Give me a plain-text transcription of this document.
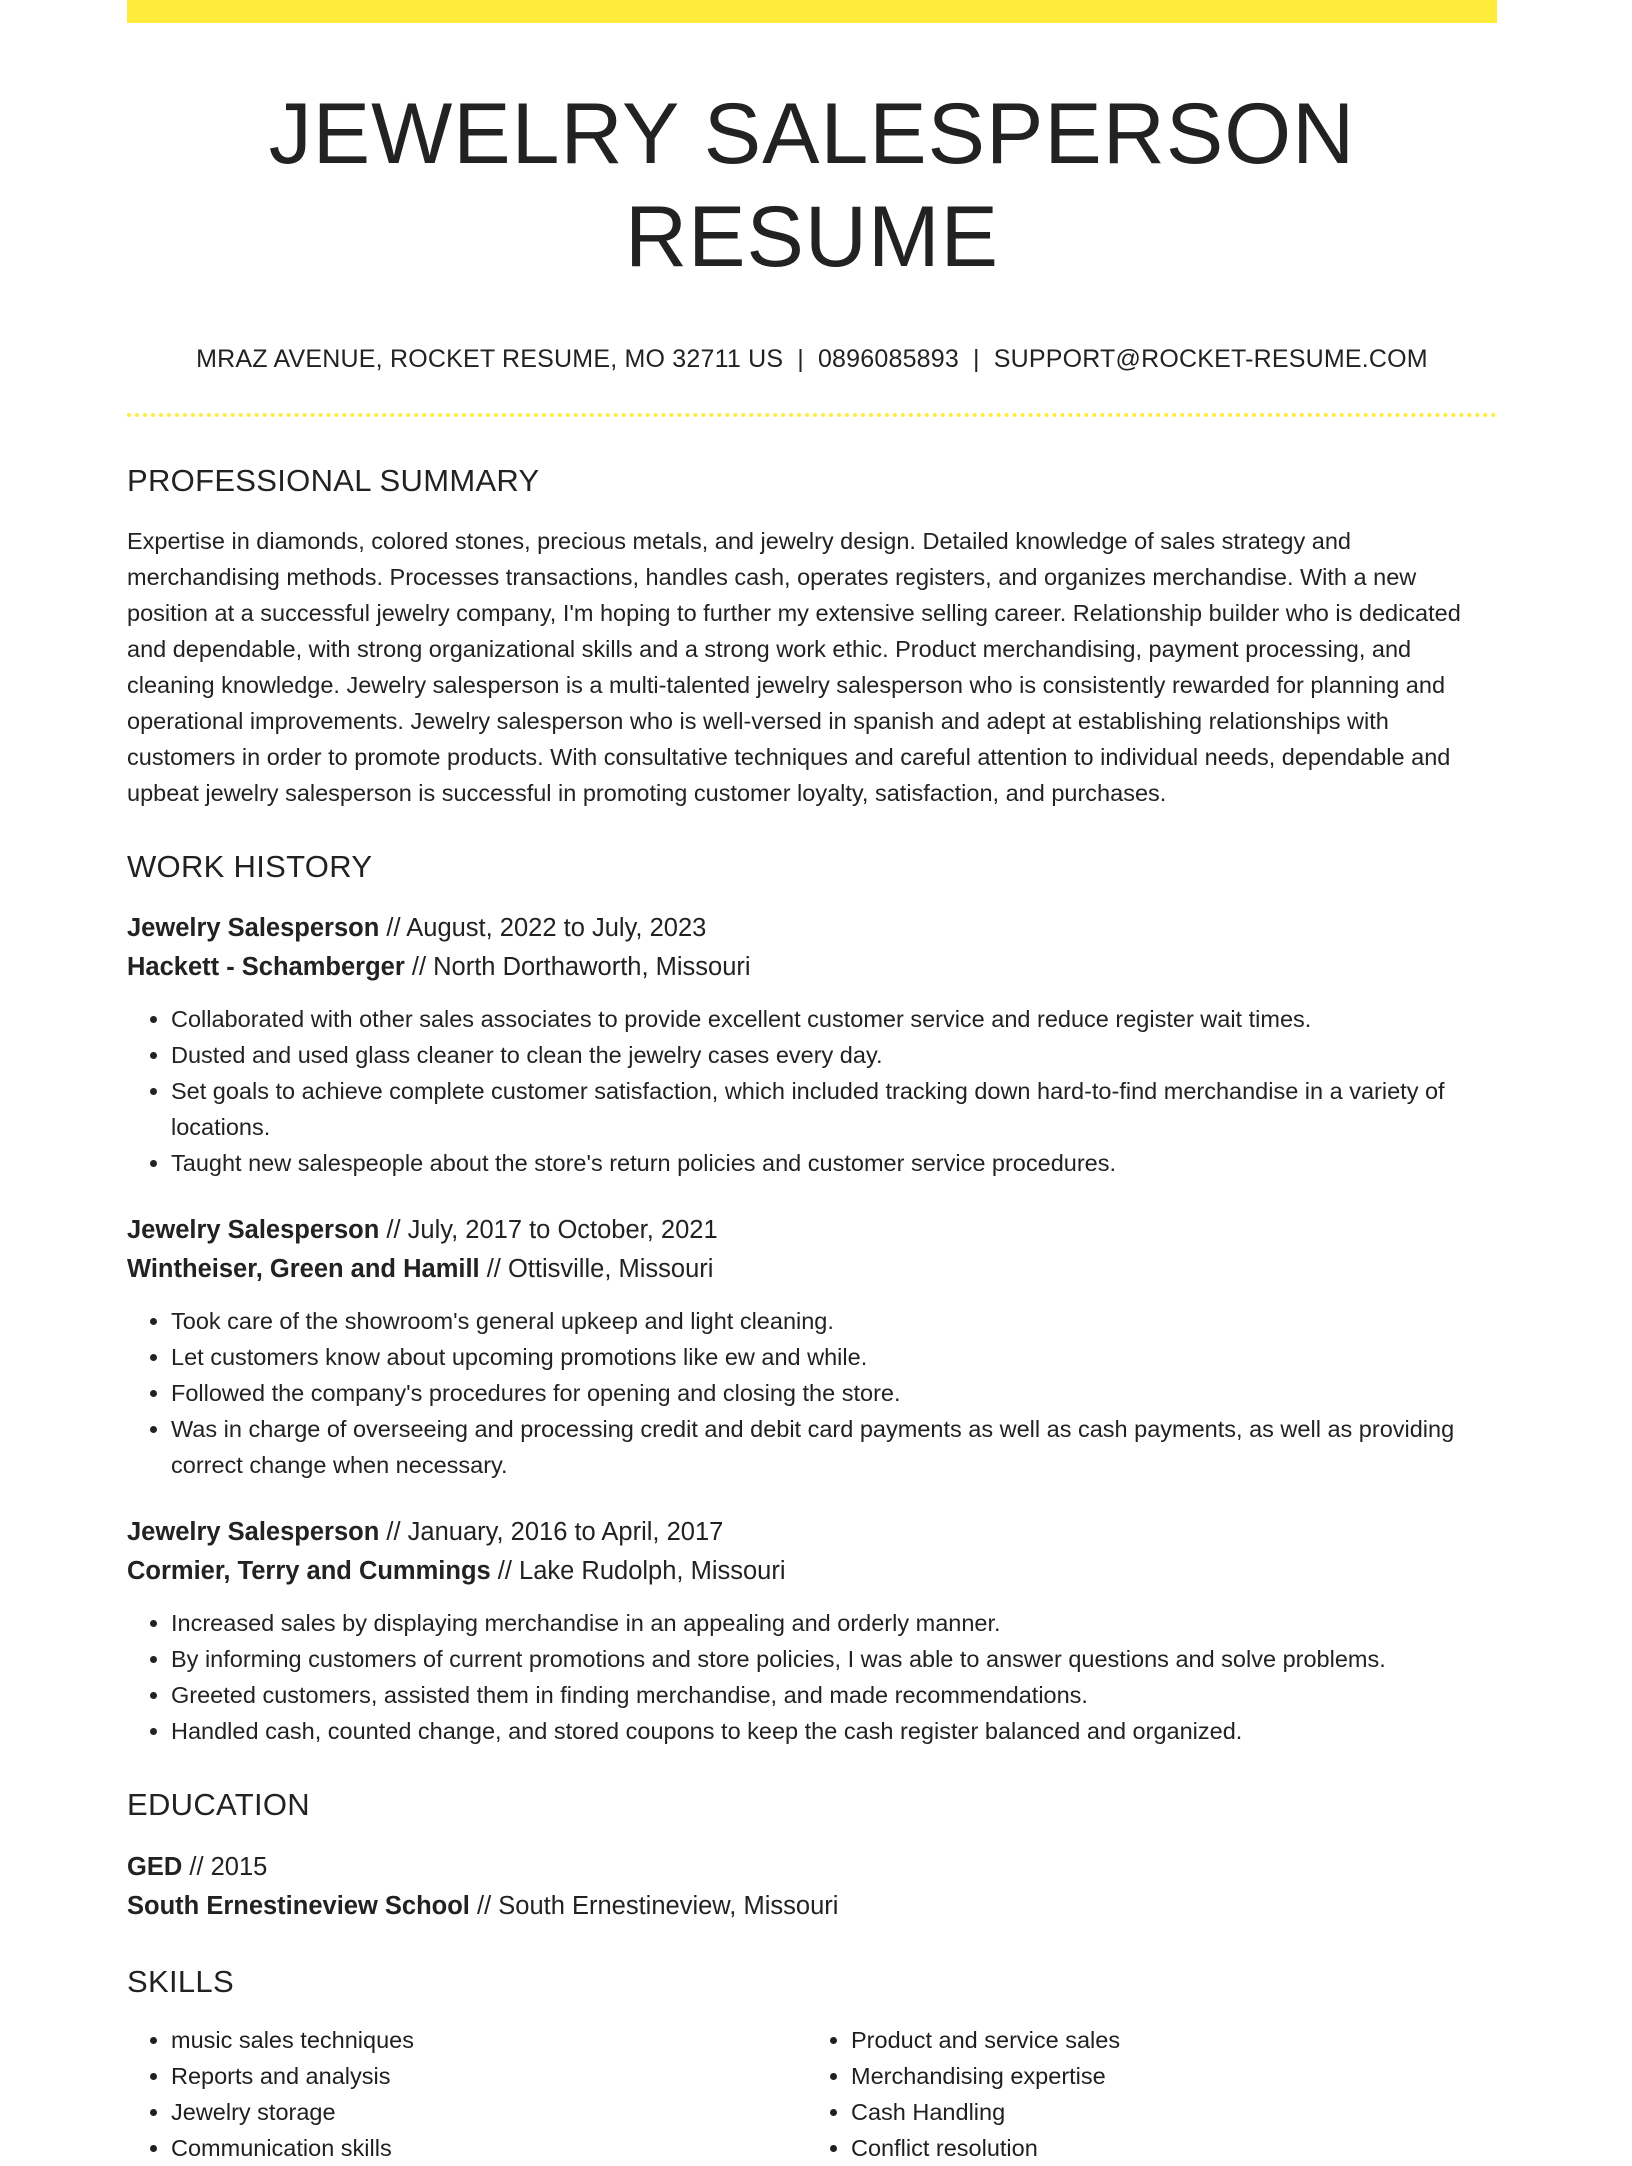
JEWELRY SALESPERSON RESUME
MRAZ AVENUE, ROCKET RESUME, MO 32711 US | 0896085893 | SUPPORT@ROCKET-RESUME.COM
PROFESSIONAL SUMMARY
Expertise in diamonds, colored stones, precious metals, and jewelry design. Detailed knowledge of sales strategy and merchandising methods. Processes transactions, handles cash, operates registers, and organizes merchandise. With a new position at a successful jewelry company, I'm hoping to further my extensive selling career. Relationship builder who is dedicated and dependable, with strong organizational skills and a strong work ethic. Product merchandising, payment processing, and cleaning knowledge. Jewelry salesperson is a multi-talented jewelry salesperson who is consistently rewarded for planning and operational improvements. Jewelry salesperson who is well-versed in spanish and adept at establishing relationships with customers in order to promote products. With consultative techniques and careful attention to individual needs, dependable and upbeat jewelry salesperson is successful in promoting customer loyalty, satisfaction, and purchases.
WORK HISTORY
Jewelry Salesperson // August, 2022 to July, 2023
Hackett - Schamberger // North Dorthaworth, Missouri
• Collaborated with other sales associates to provide excellent customer service and reduce register wait times.
• Dusted and used glass cleaner to clean the jewelry cases every day.
• Set goals to achieve complete customer satisfaction, which included tracking down hard-to-find merchandise in a variety of locations.
• Taught new salespeople about the store's return policies and customer service procedures.
Jewelry Salesperson // July, 2017 to October, 2021
Wintheiser, Green and Hamill // Ottisville, Missouri
• Took care of the showroom's general upkeep and light cleaning.
• Let customers know about upcoming promotions like ew and while.
• Followed the company's procedures for opening and closing the store.
• Was in charge of overseeing and processing credit and debit card payments as well as cash payments, as well as providing correct change when necessary.
Jewelry Salesperson // January, 2016 to April, 2017
Cormier, Terry and Cummings // Lake Rudolph, Missouri
• Increased sales by displaying merchandise in an appealing and orderly manner.
• By informing customers of current promotions and store policies, I was able to answer questions and solve problems.
• Greeted customers, assisted them in finding merchandise, and made recommendations.
• Handled cash, counted change, and stored coupons to keep the cash register balanced and organized.
EDUCATION
GED // 2015
South Ernestineview School // South Ernestineview, Missouri
SKILLS
• music sales techniques
• Reports and analysis
• Jewelry storage
• Communication skills
• Product and service sales
• Merchandising expertise
• Cash Handling
• Conflict resolution
